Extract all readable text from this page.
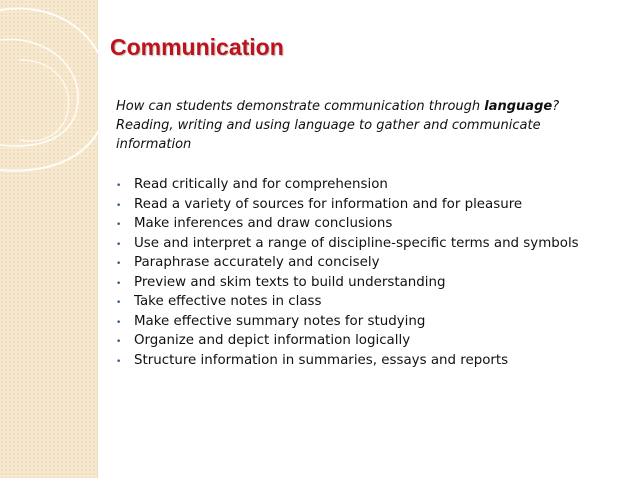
Communication

How can students demonstrate communication through language?
Reading, writing and using language to gather and communicate information

• Read critically and for comprehension
• Read a variety of sources for information and for pleasure
• Make inferences and draw conclusions
• Use and interpret a range of discipline-specific terms and symbols
• Paraphrase accurately and concisely
• Preview and skim texts to build understanding
• Take effective notes in class
• Make effective summary notes for studying
• Organize and depict information logically
• Structure information in summaries, essays and reports
